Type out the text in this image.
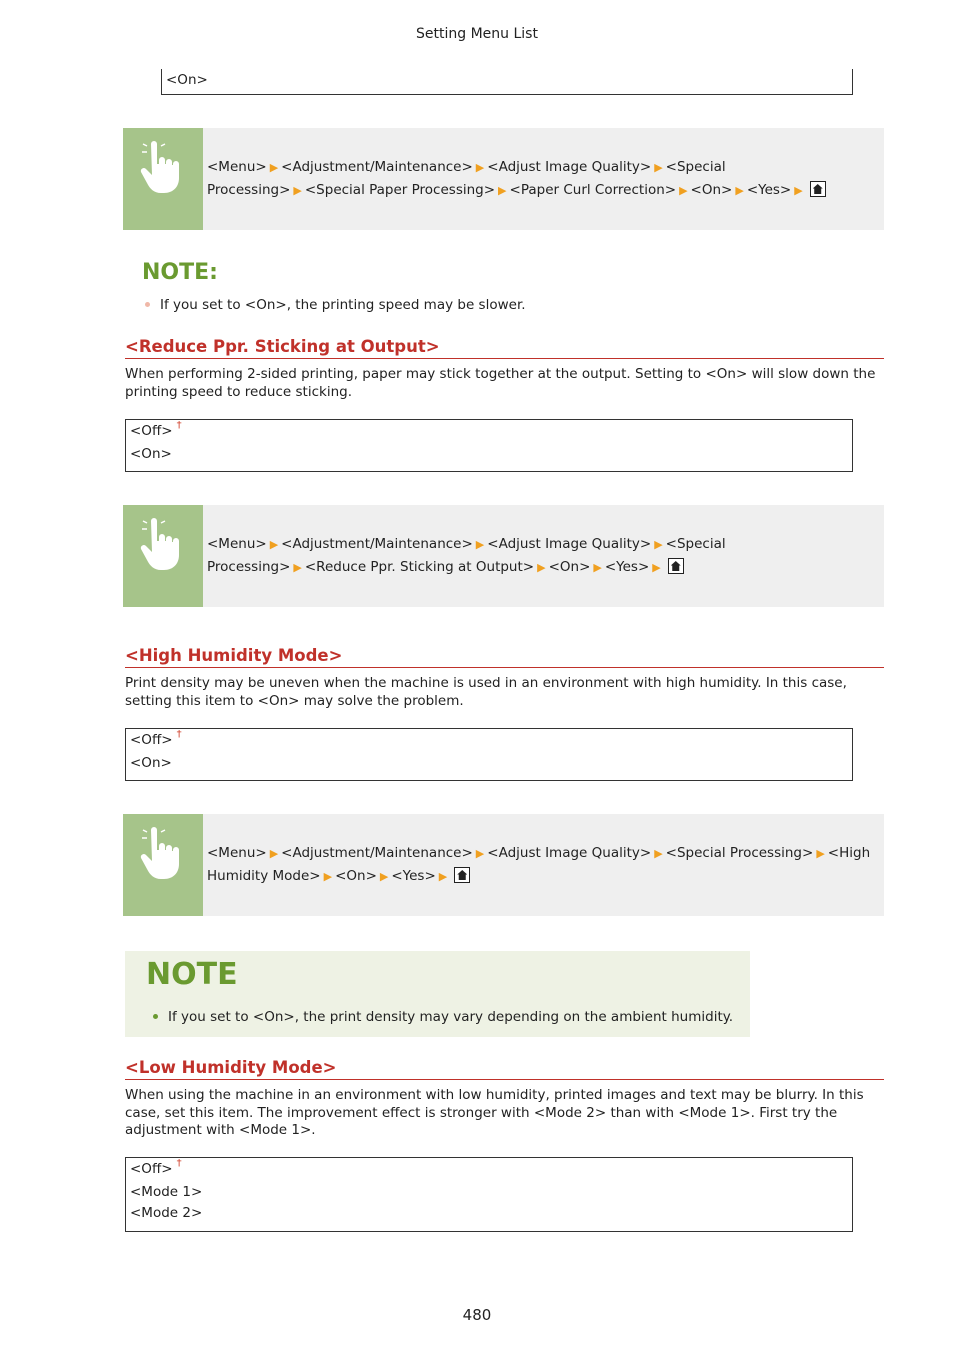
Setting Menu List
<On>
<Menu> ▶ <Adjustment/Maintenance> ▶ <Adjust Image Quality> ▶ <Special
Processing> ▶ <Special Paper Processing> ▶ <Paper Curl Correction> ▶ <On> ▶ <Yes> ▶
NOTE:
If you set to <On>, the printing speed may be slower.
<Reduce Ppr. Sticking at Output>
When performing 2-sided printing, paper may stick together at the output. Setting to <On> will slow down the printing speed to reduce sticking.
<Off> †
<On>
<Menu> ▶ <Adjustment/Maintenance> ▶ <Adjust Image Quality> ▶ <Special
Processing> ▶ <Reduce Ppr. Sticking at Output> ▶ <On> ▶ <Yes> ▶
<High Humidity Mode>
Print density may be uneven when the machine is used in an environment with high humidity. In this case, setting this item to <On> may solve the problem.
<Off> †
<On>
<Menu> ▶ <Adjustment/Maintenance> ▶ <Adjust Image Quality> ▶ <Special Processing> ▶ <High
Humidity Mode> ▶ <On> ▶ <Yes> ▶
NOTE
If you set to <On>, the print density may vary depending on the ambient humidity.
<Low Humidity Mode>
When using the machine in an environment with low humidity, printed images and text may be blurry. In this case, set this item. The improvement effect is stronger with <Mode 2> than with <Mode 1>. First try the adjustment with <Mode 1>.
<Off> †
<Mode 1>
<Mode 2>
480
